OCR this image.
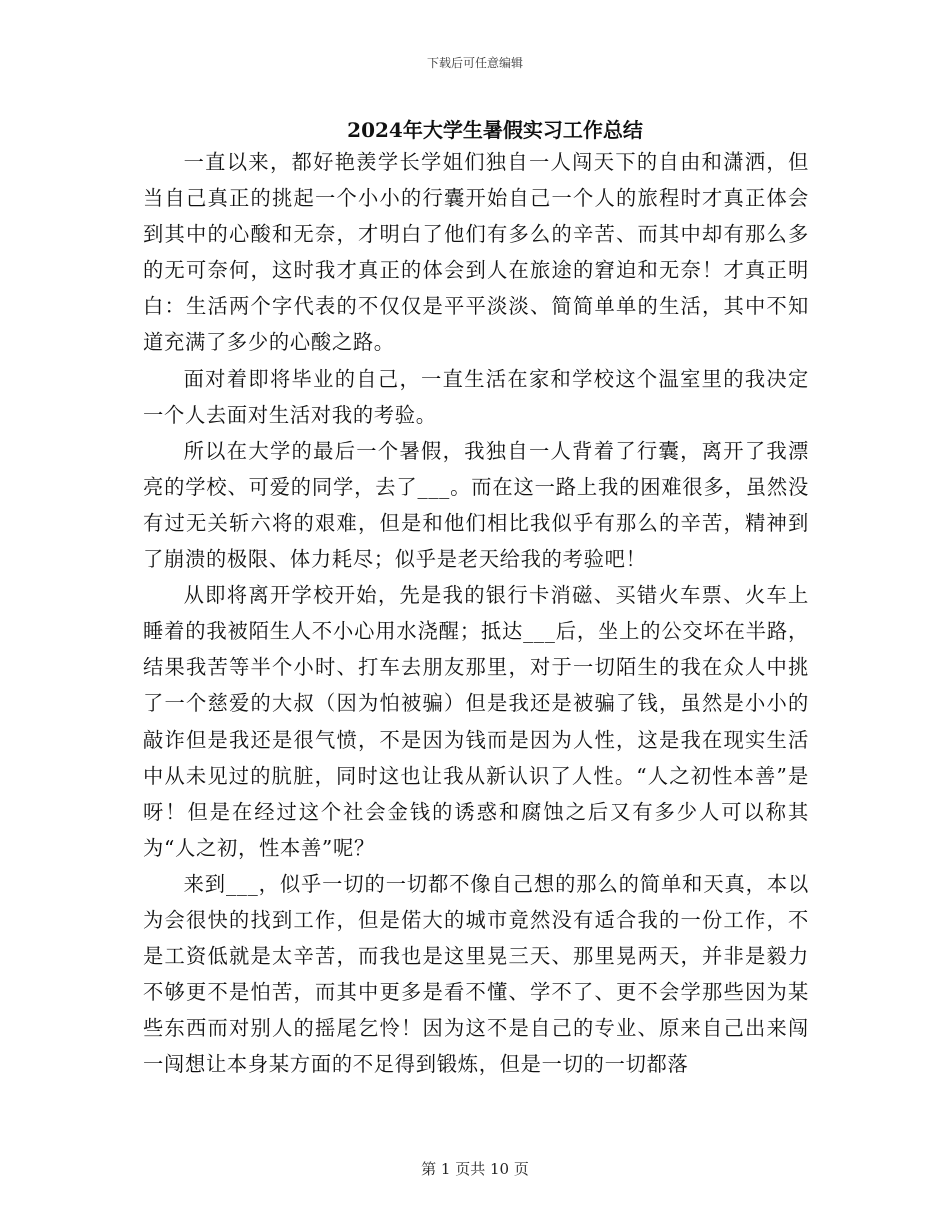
下载后可任意编辑
2024年大学生暑假实习工作总结

一直以来，都好艳羡学长学姐们独自一人闯天下的自由和潇洒，但当自己真正的挑起一个小小的行囊开始自己一个人的旅程时才真正体会到其中的心酸和无奈，才明白了他们有多么的辛苦、而其中却有那么多的无可奈何，这时我才真正的体会到人在旅途的窘迫和无奈！才真正明白：生活两个字代表的不仅仅是平平淡淡、简简单单的生活，其中不知道充满了多少的心酸之路。

面对着即将毕业的自己，一直生活在家和学校这个温室里的我决定一个人去面对生活对我的考验。

所以在大学的最后一个暑假，我独自一人背着了行囊，离开了我漂亮的学校、可爱的同学，去了___。而在这一路上我的困难很多，虽然没有过无关斩六将的艰难，但是和他们相比我似乎有那么的辛苦，精神到了崩溃的极限、体力耗尽；似乎是老天给我的考验吧！

从即将离开学校开始，先是我的银行卡消磁、买错火车票、火车上睡着的我被陌生人不小心用水浇醒；抵达___后，坐上的公交坏在半路，结果我苦等半个小时、打车去朋友那里，对于一切陌生的我在众人中挑了一个慈爱的大叔（因为怕被骗）但是我还是被骗了钱，虽然是小小的敲诈但是我还是很气愤，不是因为钱而是因为人性，这是我在现实生活中从未见过的肮脏，同时这也让我从新认识了人性。“人之初性本善”是呀！但是在经过这个社会金钱的诱惑和腐蚀之后又有多少人可以称其为“人之初，性本善”呢？

来到___，似乎一切的一切都不像自己想的那么的简单和天真，本以为会很快的找到工作，但是偌大的城市竟然没有适合我的一份工作，不是工资低就是太辛苦，而我也是这里晃三天、那里晃两天，并非是毅力不够更不是怕苦，而其中更多是看不懂、学不了、更不会学那些因为某些东西而对别人的摇尾乞怜！因为这不是自己的专业、原来自己出来闯一闯想让本身某方面的不足得到锻炼，但是一切的一切都落

第 1 页共 10 页
